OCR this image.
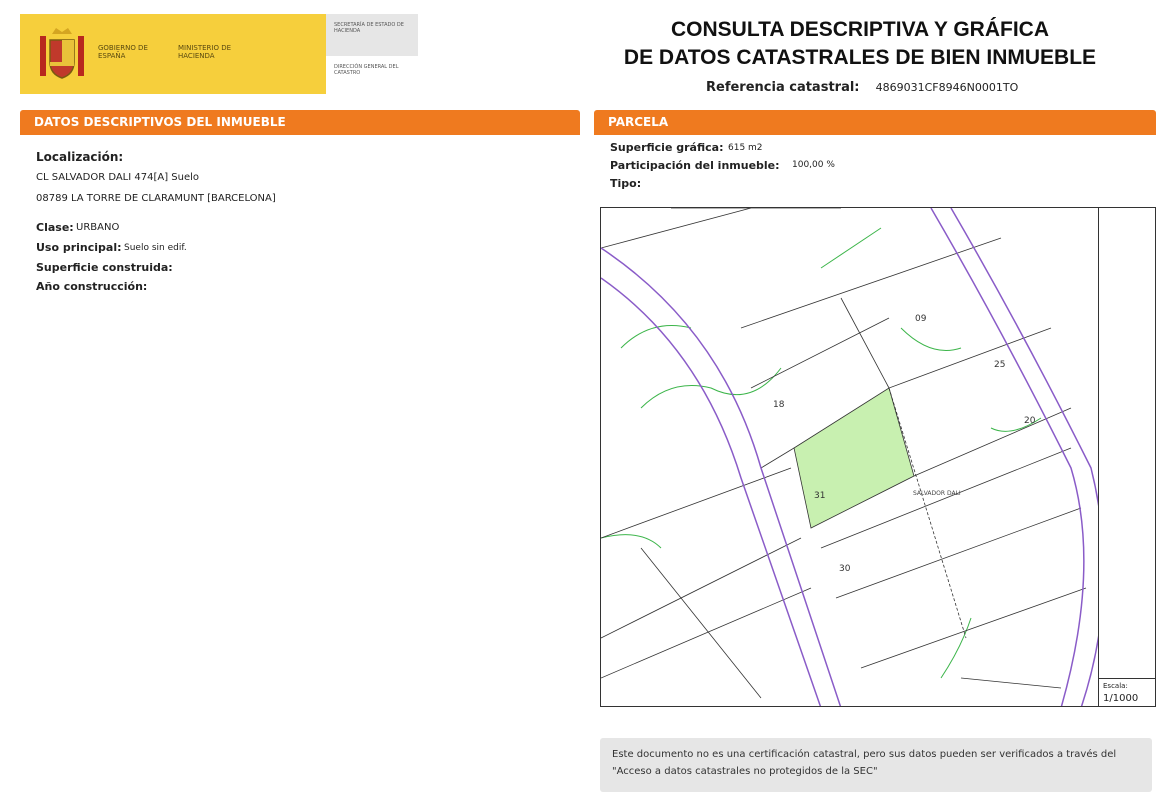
GOBIERNO DE ESPAÑA
MINISTERIO DE HACIENDA
SECRETARÍA DE ESTADO DE HACIENDA
DIRECCIÓN GENERAL DEL CATASTRO
CONSULTA DESCRIPTIVA Y GRÁFICA
DE DATOS CATASTRALES DE BIEN INMUEBLE
Referencia catastral: 4869031CF8946N0001TO
DATOS DESCRIPTIVOS DEL INMUEBLE	PARCELA
Localización:
CL SALVADOR DALI 474[A] Suelo
08789 LA TORRE DE CLARAMUNT [BARCELONA]
Clase: URBANO
Uso principal: Suelo sin edif.
Superficie construida:
Año construcción:
Superficie gráfica: 615 m2
Participación del inmueble: 100,00 %
Tipo:
09
25
18
20
31
30
SALVADOR DALI
Escala:
1/1000
Este documento no es una certificación catastral, pero sus datos pueden ser verificados a través del "Acceso a datos catastrales no protegidos de la SEC"
